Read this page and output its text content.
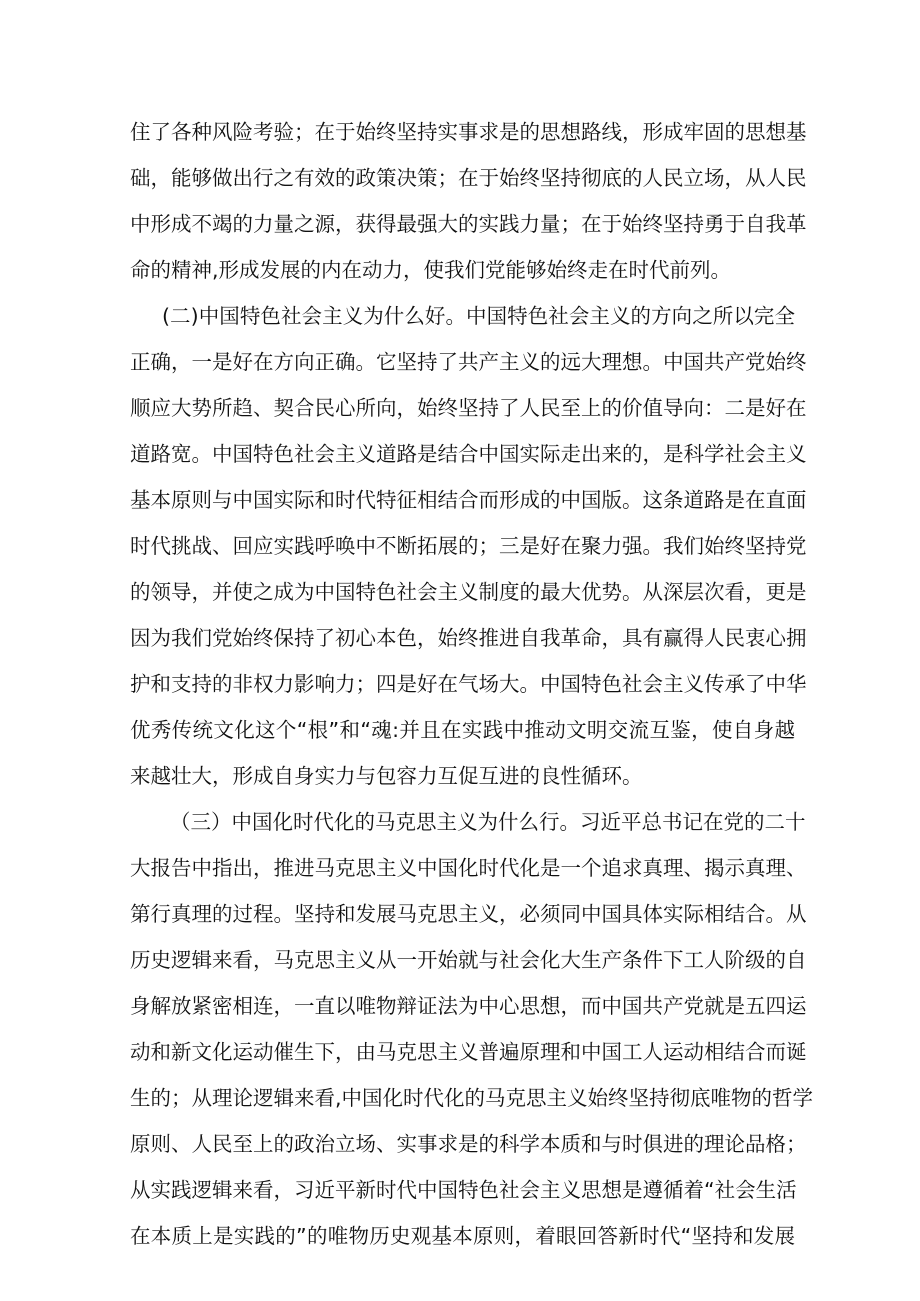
住了各种风险考验；在于始终坚持实事求是的思想路线，形成牢固的思想基
础，能够做出行之有效的政策决策；在于始终坚持彻底的人民立场，从人民
中形成不竭的力量之源，获得最强大的实践力量；在于始终坚持勇于自我革
命的精神,形成发展的内在动力，使我们党能够始终走在时代前列。
(二)中国特色社会主义为什么好。中国特色社会主义的方向之所以完全
正确，一是好在方向正确。它坚持了共产主义的远大理想。中国共产党始终
顺应大势所趋、契合民心所向，始终坚持了人民至上的价值导向：二是好在
道路宽。中国特色社会主义道路是结合中国实际走出来的，是科学社会主义
基本原则与中国实际和时代特征相结合而形成的中国版。这条道路是在直面
时代挑战、回应实践呼唤中不断拓展的；三是好在聚力强。我们始终坚持党
的领导，并使之成为中国特色社会主义制度的最大优势。从深层次看，更是
因为我们党始终保持了初心本色，始终推进自我革命，具有赢得人民衷心拥
护和支持的非权力影响力；四是好在气场大。中国特色社会主义传承了中华
优秀传统文化这个“根”和“魂:并且在实践中推动文明交流互鉴，使自身越
来越壮大，形成自身实力与包容力互促互进的良性循环。
（三）中国化时代化的马克思主义为什么行。习近平总书记在党的二十
大报告中指出，推进马克思主义中国化时代化是一个追求真理、揭示真理、
第行真理的过程。坚持和发展马克思主义，必须同中国具体实际相结合。从
历史逻辑来看，马克思主义从一开始就与社会化大生产条件下工人阶级的自
身解放紧密相连，一直以唯物辩证法为中心思想，而中国共产党就是五四运
动和新文化运动催生下，由马克思主义普遍原理和中国工人运动相结合而诞
生的；从理论逻辑来看,中国化时代化的马克思主义始终坚持彻底唯物的哲学
原则、人民至上的政治立场、实事求是的科学本质和与时俱进的理论品格；
从实践逻辑来看，习近平新时代中国特色社会主义思想是遵循着“社会生活
在本质上是实践的”的唯物历史观基本原则，着眼回答新时代“坚持和发展
